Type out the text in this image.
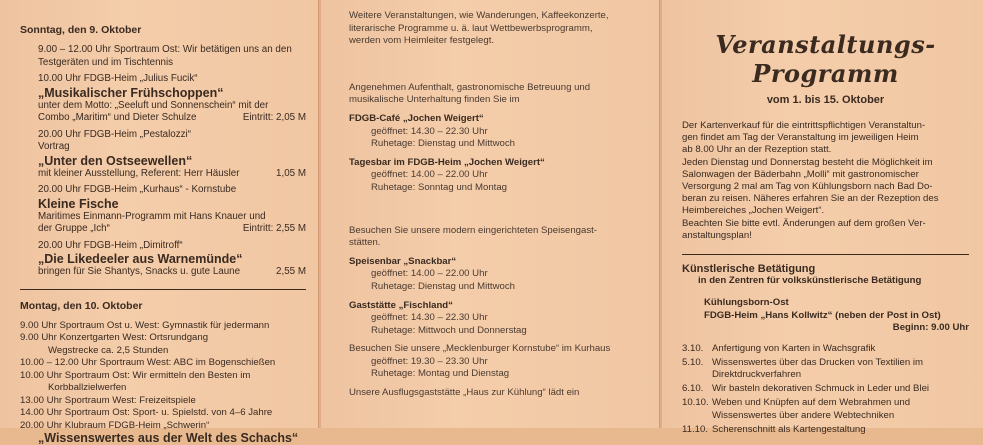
Sonntag, den 9. Oktober
9.00 – 12.00 Uhr Sportraum Ost: Wir betätigen uns an den
Testgeräten und im Tischtennis
10.00 Uhr FDGB-Heim „Julius Fucik“
„Musikalischer Frühschoppen“
unter dem Motto: „Seeluft und Sonnenschein“ mit der
Combo „Maritim“ und Dieter Schulze	Eintritt: 2,05 M
20.00 Uhr FDGB-Heim „Pestalozzi“
Vortrag
„Unter den Ostseewellen“
mit kleiner Ausstellung, Referent: Herr Häusler	1,05 M
20.00 Uhr FDGB-Heim „Kurhaus“ - Kornstube
Kleine Fische
Maritimes Einmann-Programm mit Hans Knauer und
der Gruppe „Ich“	Eintritt: 2,55 M
20.00 Uhr FDGB-Heim „Dimitroff“
„Die Likedeeler aus Warnemünde“
bringen für Sie Shantys, Snacks u. gute Laune	2,55 M
Montag, den 10. Oktober
9.00 Uhr Sportraum Ost u. West: Gymnastik für jedermann
9.00 Uhr Konzertgarten West: Ortsrundgang
Wegstrecke ca. 2,5 Stunden
10.00 – 12.00 Uhr Sportraum West: ABC im Bogenschießen
10.00 Uhr Sportraum Ost: Wir ermitteln den Besten im
Korbballzielwerfen
13.00 Uhr Sportraum West: Freizeitspiele
14.00 Uhr Sportraum Ost: Sport- u. Spielstd. von 4–6 Jahre
20.00 Uhr Klubraum FDGB-Heim „Schwerin“
„Wissenswertes aus der Welt des Schachs“

Weitere Veranstaltungen, wie Wanderungen, Kaffeekonzerte,

literarische Programme u. ä. laut Wettbewerbsprogramm,

werden vom Heimleiter festgelegt.

Angenehmen Aufenthalt, gastronomische Betreuung und

musikalische Unterhaltung finden Sie im

FDGB-Café „Jochen Weigert“

geöffnet: 14.30 – 22.30 Uhr

Ruhetage: Dienstag und Mittwoch

Tagesbar im FDGB-Heim „Jochen Weigert“

geöffnet: 14.00 – 22.00 Uhr

Ruhetage: Sonntag und Montag

Besuchen Sie unsere modern eingerichteten Speisengast-

stätten.

Speisenbar „Snackbar“

geöffnet: 14.00 – 22.00 Uhr

Ruhetage: Dienstag und Mittwoch

Gaststätte „Fischland“

geöffnet: 14.30 – 22.30 Uhr

Ruhetage: Mittwoch und Donnerstag

Besuchen Sie unsere „Mecklenburger Kornstube“ im Kurhaus

geöffnet: 19.30 – 23.30 Uhr

Ruhetage: Montag und Dienstag

Unsere Ausflugsgaststätte „Haus zur Kühlung“ lädt ein

Veranstaltungs-Programm
vom 1. bis 15. Oktober

Der Kartenverkauf für die eintrittspflichtigen Veranstaltun-

gen findet am Tag der Veranstaltung im jeweiligen Heim

ab 8.00 Uhr an der Rezeption statt.

Jeden Dienstag und Donnerstag besteht die Möglichkeit im

Salonwagen der Bäderbahn „Molli“ mit gastronomischer

Versorgung 2 mal am Tag von Kühlungsborn nach Bad Do-

beran zu reisen. Näheres erfahren Sie an der Rezeption des

Heimbereiches „Jochen Weigert“.

Beachten Sie bitte evtl. Änderungen auf dem großen Ver-

anstaltungsplan!

Künstlerische Betätigung

in den Zentren für volkskünstlerische Betätigung

Kühlungsborn-Ost
FDGB-Heim „Hans Kollwitz“ (neben der Post in Ost)
Beginn: 9.00 Uhr
3.10. Anfertigung von Karten in Wachsgrafik
5.10. Wissenswertes über das Drucken von Textilien im
Direktdruckverfahren
6.10. Wir basteln dekorativen Schmuck in Leder und Blei
10.10. Weben und Knüpfen auf dem Webrahmen und
Wissenswertes über andere Webtechniken
11.10. Scherenschnitt als Kartengestaltung
